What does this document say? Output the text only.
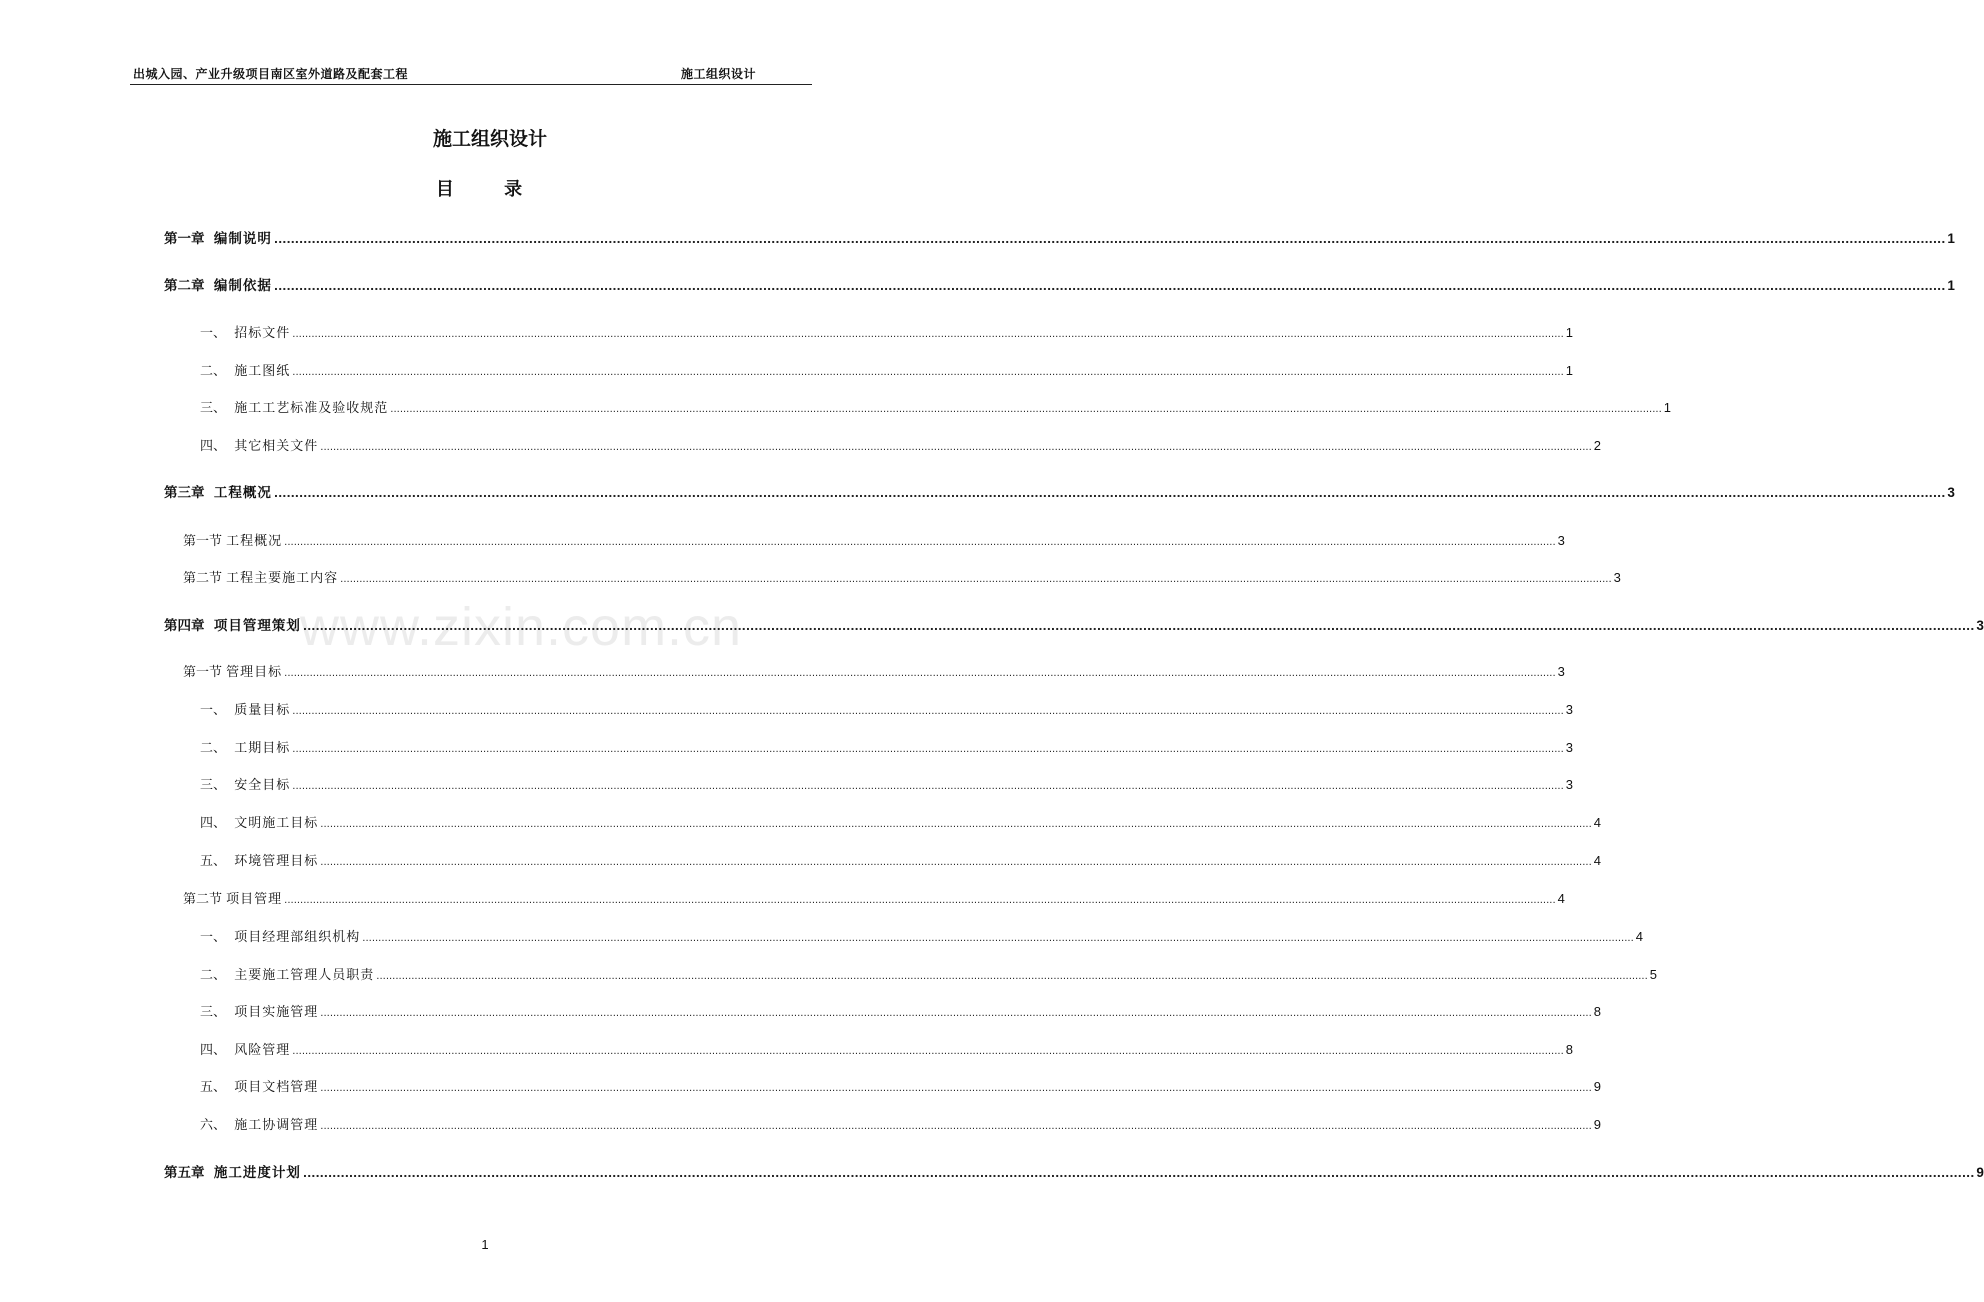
出城入园、产业升级项目南区室外道路及配套工程	施工组织设计
施工组织设计
目 录
www.zixin.com.cn
第一章 编制说明 ................................................................................................................................................................................................................................................................................................................................................................................................................ 1
第二章 编制依据 ................................................................................................................................................................................................................................................................................................................................................................................................................ 1
一、 招标文件 ................................................................................................................................................................................................................................................................................................................................................................................................................ 1
二、 施工图纸 ................................................................................................................................................................................................................................................................................................................................................................................................................ 1
三、 施工工艺标准及验收规范 ................................................................................................................................................................................................................................................................................................................................................................................................................ 1
四、 其它相关文件 ................................................................................................................................................................................................................................................................................................................................................................................................................ 2
第三章 工程概况 ................................................................................................................................................................................................................................................................................................................................................................................................................ 3
第一节 工程概况 ................................................................................................................................................................................................................................................................................................................................................................................................................ 3
第二节 工程主要施工内容 ................................................................................................................................................................................................................................................................................................................................................................................................................ 3
第四章 项目管理策划 ................................................................................................................................................................................................................................................................................................................................................................................................................ 3
第一节 管理目标 ................................................................................................................................................................................................................................................................................................................................................................................................................ 3
一、 质量目标 ................................................................................................................................................................................................................................................................................................................................................................................................................ 3
二、 工期目标 ................................................................................................................................................................................................................................................................................................................................................................................................................ 3
三、 安全目标 ................................................................................................................................................................................................................................................................................................................................................................................................................ 3
四、 文明施工目标 ................................................................................................................................................................................................................................................................................................................................................................................................................ 4
五、 环境管理目标 ................................................................................................................................................................................................................................................................................................................................................................................................................ 4
第二节 项目管理 ................................................................................................................................................................................................................................................................................................................................................................................................................ 4
一、 项目经理部组织机构 ................................................................................................................................................................................................................................................................................................................................................................................................................ 4
二、 主要施工管理人员职责 ................................................................................................................................................................................................................................................................................................................................................................................................................ 5
三、 项目实施管理 ................................................................................................................................................................................................................................................................................................................................................................................................................ 8
四、 风险管理 ................................................................................................................................................................................................................................................................................................................................................................................................................ 8
五、 项目文档管理 ................................................................................................................................................................................................................................................................................................................................................................................................................ 9
六、 施工协调管理 ................................................................................................................................................................................................................................................................................................................................................................................................................ 9
第五章 施工进度计划 ................................................................................................................................................................................................................................................................................................................................................................................................................ 9
1
